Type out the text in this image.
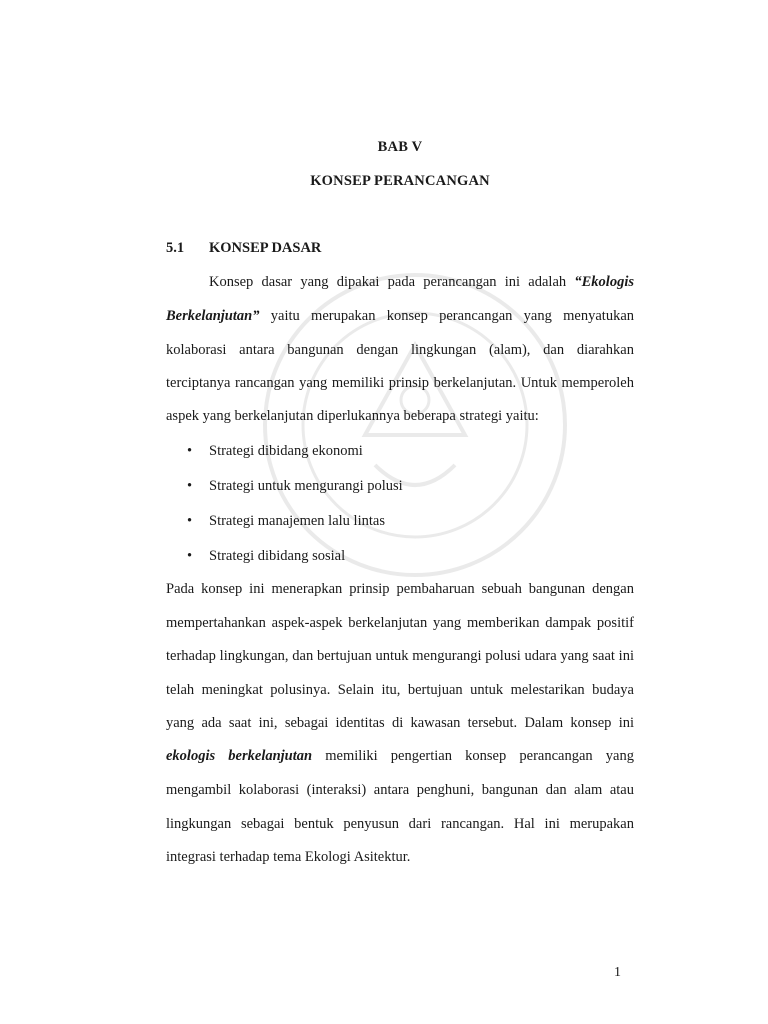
BAB V
KONSEP PERANCANGAN
5.1 KONSEP DASAR
Konsep dasar yang dipakai pada perancangan ini adalah “Ekologis
Berkelanjutan” yaitu merupakan konsep perancangan yang menyatukan
kolaborasi antara bangunan dengan lingkungan (alam), dan diarahkan
terciptanya rancangan yang memiliki prinsip berkelanjutan. Untuk memperoleh
aspek yang berkelanjutan diperlukannya beberapa strategi yaitu:
• Strategi dibidang ekonomi
• Strategi untuk mengurangi polusi
• Strategi manajemen lalu lintas
• Strategi dibidang sosial
Pada konsep ini menerapkan prinsip pembaharuan sebuah bangunan dengan
mempertahankan aspek-aspek berkelanjutan yang memberikan dampak positif
terhadap lingkungan, dan bertujuan untuk mengurangi polusi udara yang saat ini
telah meningkat polusinya. Selain itu, bertujuan untuk melestarikan budaya
yang ada saat ini, sebagai identitas di kawasan tersebut. Dalam konsep ini
ekologis berkelanjutan memiliki pengertian konsep perancangan yang
mengambil kolaborasi (interaksi) antara penghuni, bangunan dan alam atau
lingkungan sebagai bentuk penyusun dari rancangan. Hal ini merupakan
integrasi terhadap tema Ekologi Asitektur.
1
